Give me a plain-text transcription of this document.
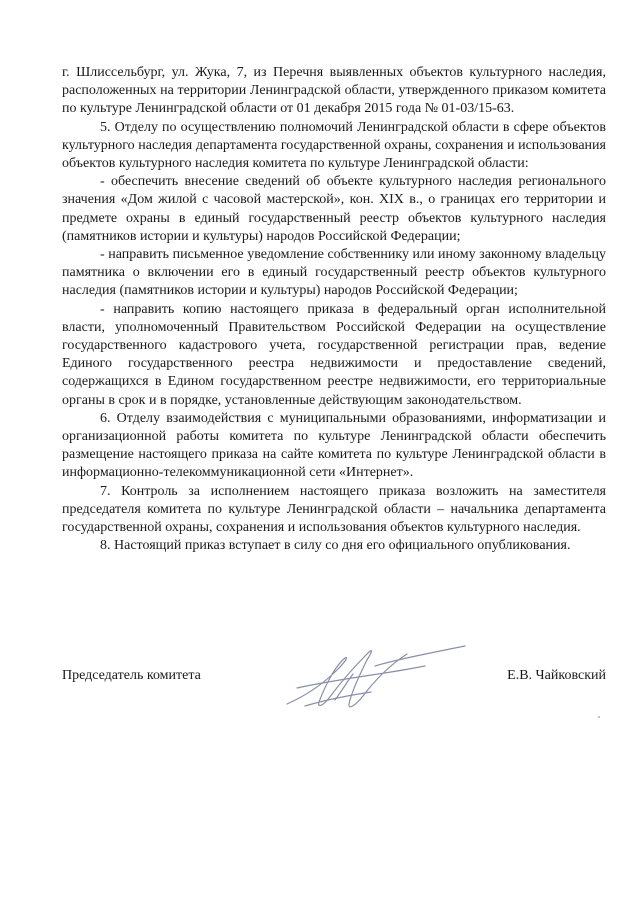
г. Шлиссельбург, ул. Жука, 7, из Перечня выявленных объектов культурного наследия, расположенных на территории Ленинградской области, утвержденного приказом комитета по культуре Ленинградской области от 01 декабря 2015 года № 01-03/15-63.

5. Отделу по осуществлению полномочий Ленинградской области в сфере объектов культурного наследия департамента государственной охраны, сохранения и использования объектов культурного наследия комитета по культуре Ленинградской области:

- обеспечить внесение сведений об объекте культурного наследия регионального значения «Дом жилой с часовой мастерской», кон. XIX в., о границах его территории и предмете охраны в единый государственный реестр объектов культурного наследия (памятников истории и культуры) народов Российской Федерации;

- направить письменное уведомление собственнику или иному законному владельцу памятника о включении его в единый государственный реестр объектов культурного наследия (памятников истории и культуры) народов Российской Федерации;

- направить копию настоящего приказа в федеральный орган исполнительной власти, уполномоченный Правительством Российской Федерации на осуществление государственного кадастрового учета, государственной регистрации прав, ведение Единого государственного реестра недвижимости и предоставление сведений, содержащихся в Едином государственном реестре недвижимости, его территориальные органы в срок и в порядке, установленные действующим законодательством.

6. Отделу взаимодействия с муниципальными образованиями, информатизации и организационной работы комитета по культуре Ленинградской области обеспечить размещение настоящего приказа на сайте комитета по культуре Ленинградской области в информационно-телекоммуникационной сети «Интернет».

7. Контроль за исполнением настоящего приказа возложить на заместителя председателя комитета по культуре Ленинградской области – начальника департамента государственной охраны, сохранения и использования объектов культурного наследия.

8. Настоящий приказ вступает в силу со дня его официального опубликования.

Председатель комитета	Е.В. Чайковский
